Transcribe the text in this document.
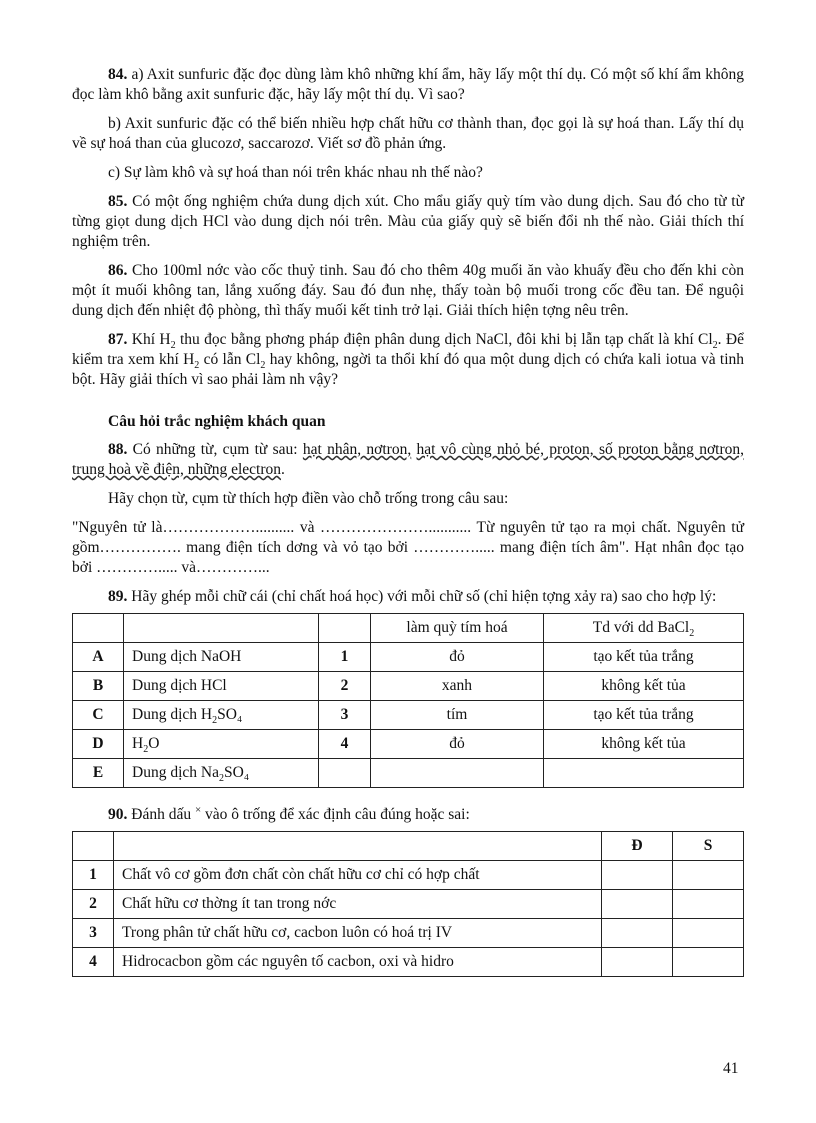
84. a) Axit sunfuric đặc đọc dùng làm khô những khí ẩm, hãy lấy một thí dụ. Có một số khí ẩm không đọc làm khô bằng axit sunfuric đặc, hãy lấy một thí dụ. Vì sao?

b) Axit sunfuric đặc có thể biến nhiều hợp chất hữu cơ thành than, đọc gọi là sự hoá than. Lấy thí dụ về sự hoá than của glucozơ, saccarozơ. Viết sơ đồ phản ứng.

c) Sự làm khô và sự hoá than nói trên khác nhau nh thế nào?

85. Có một ống nghiệm chứa dung dịch xút. Cho mẩu giấy quỳ tím vào dung dịch. Sau đó cho từ từ từng giọt dung dịch HCl vào dung dịch nói trên. Màu của giấy quỳ sẽ biến đổi nh thế nào. Giải thích thí nghiệm trên.

86. Cho 100ml nớc vào cốc thuỷ tinh. Sau đó cho thêm 40g muối ăn vào khuấy đều cho đến khi còn một ít muối không tan, lắng xuống đáy. Sau đó đun nhẹ, thấy toàn bộ muối trong cốc đều tan. Để nguội dung dịch đến nhiệt độ phòng, thì thấy muối kết tinh trở lại. Giải thích hiện tợng nêu trên.

87. Khí $H_2$ thu đọc bằng phơng pháp điện phân dung dịch NaCl, đôi khi bị lẫn tạp chất là khí $Cl_2$. Để kiểm tra xem khí $H_2$ có lẫn $Cl_2$ hay không, ngời ta thổi khí đó qua một dung dịch có chứa kali iotua và tinh bột. Hãy giải thích vì sao phải làm nh vậy?

Câu hỏi trắc nghiệm khách quan

88. Có những từ, cụm từ sau: hạt nhân, nơtron, hạt vô cùng nhỏ bé, proton, số proton bằng nơtron, trung hoà về điện, những electron.

Hãy chọn từ, cụm từ thích hợp điền vào chỗ trống trong câu sau:

"Nguyên tử là……………….......... và …………………........... Từ nguyên tử tạo ra mọi chất. Nguyên tử gồm……………. mang điện tích dơng và vỏ tạo bởi …………..... mang điện tích âm". Hạt nhân đọc tạo bởi …………..... và…………...

89. Hãy ghép mỗi chữ cái (chỉ chất hoá học) với mỗi chữ số (chỉ hiện tợng xảy ra) sao cho hợp lý:

			làm quỳ tím hoá	Td với dd BaCl$_2$
A	Dung dịch NaOH	1	đỏ	tạo kết tủa trắng
B	Dung dịch HCl	2	xanh	không kết tủa
C	Dung dịch $H_2SO_4$	3	tím	tạo kết tủa trắng
D	$H_2O$	4	đỏ	không kết tủa
E	Dung dịch $Na_2SO_4$			

90. Đánh dấu × vào ô trống để xác định câu đúng hoặc sai:

		Đ	S
1	Chất vô cơ gồm đơn chất còn chất hữu cơ chỉ có hợp chất		
2	Chất hữu cơ thờng ít tan trong nớc		
3	Trong phân tử chất hữu cơ, cacbon luôn có hoá trị IV		
4	Hidrocacbon gồm các nguyên tố cacbon, oxi và hidro		
41
